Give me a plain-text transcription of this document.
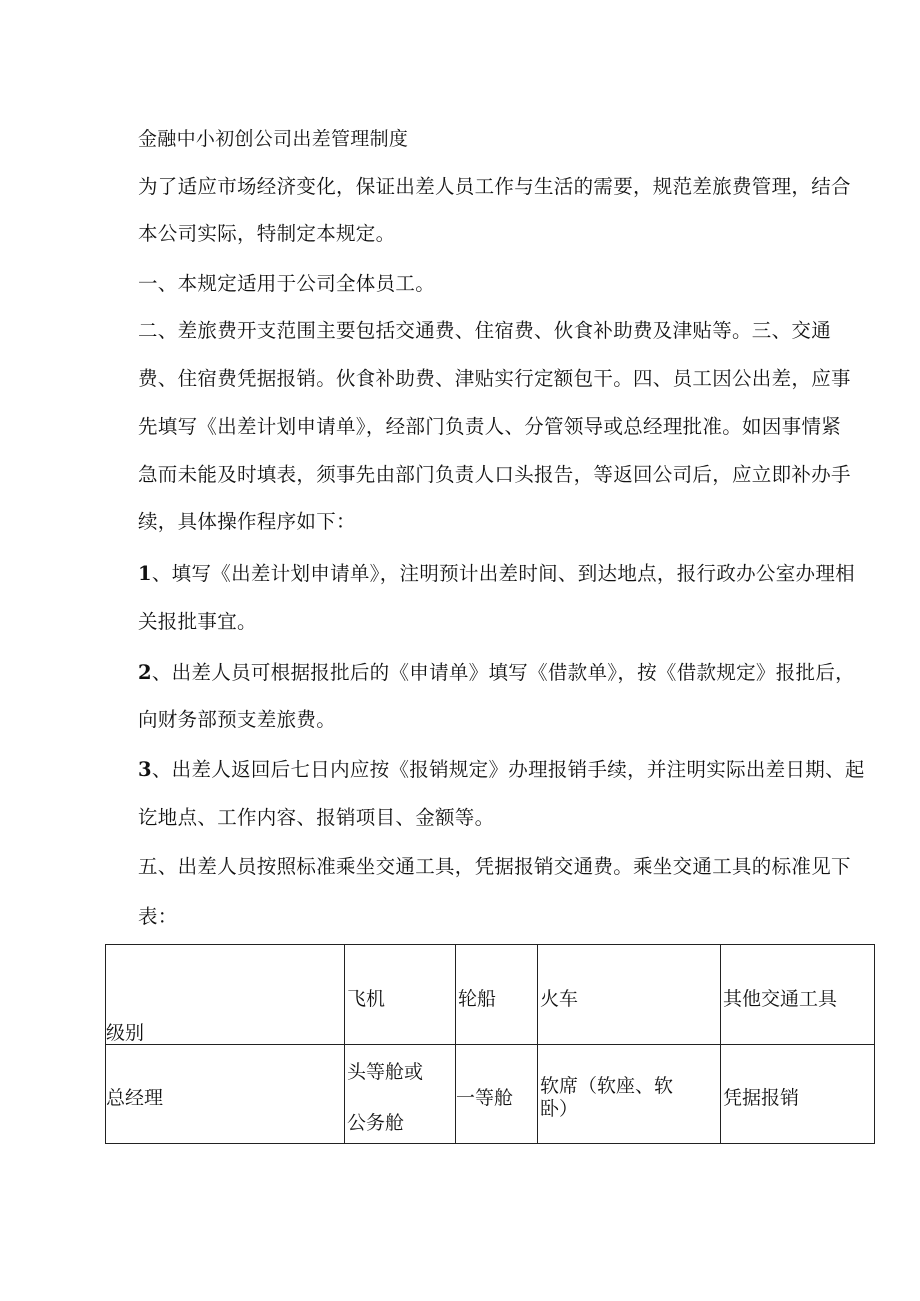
金融中小初创公司出差管理制度
为了适应市场经济变化，保证出差人员工作与生活的需要，规范差旅费管理，结合
本公司实际，特制定本规定。
一、本规定适用于公司全体员工。
二、差旅费开支范围主要包括交通费、住宿费、伙食补助费及津贴等。三、交通
费、住宿费凭据报销。伙食补助费、津贴实行定额包干。四、员工因公出差，应事
先填写《出差计划申请单》，经部门负责人、分管领导或总经理批准。如因事情紧
急而未能及时填表，须事先由部门负责人口头报告，等返回公司后，应立即补办手
续，具体操作程序如下：
1、填写《出差计划申请单》，注明预计出差时间、到达地点，报行政办公室办理相
关报批事宜。
2、出差人员可根据报批后的《申请单》填写《借款单》，按《借款规定》报批后，
向财务部预支差旅费。
3、出差人返回后七日内应按《报销规定》办理报销手续，并注明实际出差日期、起
讫地点、工作内容、报销项目、金额等。
五、出差人员按照标准乘坐交通工具，凭据报销交通费。乘坐交通工具的标准见下
表：
级别	飞机	轮船	火车	其他交通工具

总经理	头等舱或
公务舱	一等舱	软席（软座、软
卧）	凭据报销
